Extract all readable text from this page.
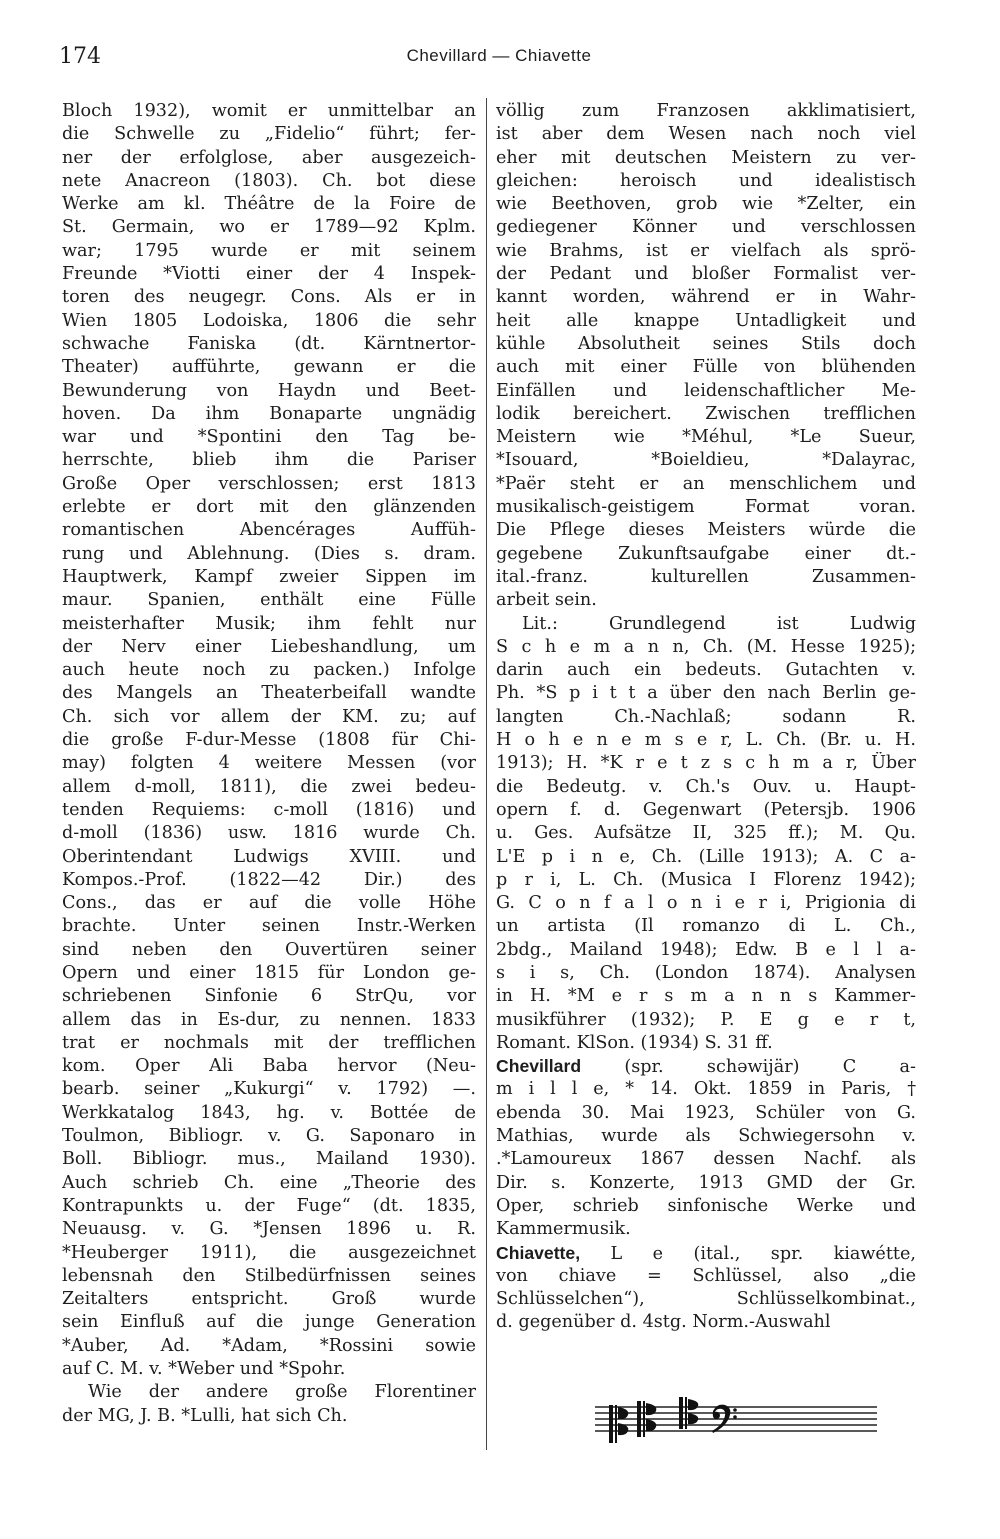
174	Chevillard — Chiavette
Bloch 1932), womit er unmittelbar an
die Schwelle zu „Fidelio“ führt; fer-
ner der erfolglose, aber ausgezeich-
nete Anacreon (1803). Ch. bot diese
Werke am kl. Théâtre de la Foire de
St. Germain, wo er 1789—92 Kplm.
war; 1795 wurde er mit seinem
Freunde *Viotti einer der 4 Inspek-
toren des neugegr. Cons. Als er in
Wien 1805 Lodoiska, 1806 die sehr
schwache Faniska (dt. Kärntnertor-
Theater) aufführte, gewann er die
Bewunderung von Haydn und Beet-
hoven. Da ihm Bonaparte ungnädig
war und *Spontini den Tag be-
herrschte, blieb ihm die Pariser
Große Oper verschlossen; erst 1813
erlebte er dort mit den glänzenden
romantischen Abencérages Auffüh-
rung und Ablehnung. (Dies s. dram.
Hauptwerk, Kampf zweier Sippen im
maur. Spanien, enthält eine Fülle
meisterhafter Musik; ihm fehlt nur
der Nerv einer Liebeshandlung, um
auch heute noch zu packen.) Infolge
des Mangels an Theaterbeifall wandte
Ch. sich vor allem der KM. zu; auf
die große F-dur-Messe (1808 für Chi-
may) folgten 4 weitere Messen (vor
allem d-moll, 1811), die zwei bedeu-
tenden Requiems: c-moll (1816) und
d-moll (1836) usw. 1816 wurde Ch.
Oberintendant Ludwigs XVIII. und
Kompos.-Prof. (1822—42 Dir.) des
Cons., das er auf die volle Höhe
brachte. Unter seinen Instr.-Werken
sind neben den Ouvertüren seiner
Opern und einer 1815 für London ge-
schriebenen Sinfonie 6 StrQu, vor
allem das in Es-dur, zu nennen. 1833
trat er nochmals mit der trefflichen
kom. Oper Ali Baba hervor (Neu-
bearb. seiner „Kukurgi“ v. 1792) —.
Werkkatalog 1843, hg. v. Bottée de
Toulmon, Bibliogr. v. G. Saponaro in
Boll. Bibliogr. mus., Mailand 1930).
Auch schrieb Ch. eine „Theorie des
Kontrapunkts u. der Fuge“ (dt. 1835,
Neuausg. v. G. *Jensen 1896 u. R.
*Heuberger 1911), die ausgezeichnet
lebensnah den Stilbedürfnissen seines
Zeitalters entspricht. Groß wurde
sein Einfluß auf die junge Generation
*Auber, Ad. *Adam, *Rossini sowie
auf C. M. v. *Weber und *Spohr.
Wie der andere große Florentiner
der MG, J. B. *Lulli, hat sich Ch.
völlig zum Franzosen akklimatisiert,
ist aber dem Wesen nach noch viel
eher mit deutschen Meistern zu ver-
gleichen: heroisch und idealistisch
wie Beethoven, grob wie *Zelter, ein
gediegener Könner und verschlossen
wie Brahms, ist er vielfach als sprö-
der Pedant und bloßer Formalist ver-
kannt worden, während er in Wahr-
heit alle knappe Untadligkeit und
kühle Absolutheit seines Stils doch
auch mit einer Fülle von blühenden
Einfällen und leidenschaftlicher Me-
lodik bereichert. Zwischen trefflichen
Meistern wie *Méhul, *Le Sueur,
*Isouard, *Boieldieu, *Dalayrac,
*Paër steht er an menschlichem und
musikalisch-geistigem Format voran.
Die Pflege dieses Meisters würde die
gegebene Zukunftsaufgabe einer dt.-
ital.-franz. kulturellen Zusammen-
arbeit sein.
Lit.: Grundlegend ist Ludwig
S c h e m a n n, Ch. (M. Hesse 1925);
darin auch ein bedeuts. Gutachten v.
Ph. *S p i t t a über den nach Berlin ge-
langten Ch.-Nachlaß; sodann R.
H o h e n e m s e r, L. Ch. (Br. u. H.
1913); H. *K r e t z s c h m a r, Über
die Bedeutg. v. Ch.'s Ouv. u. Haupt-
opern f. d. Gegenwart (Petersjb. 1906
u. Ges. Aufsätze II, 325 ff.); M. Qu.
L'E p i n e, Ch. (Lille 1913); A. C a-
p r i, L. Ch. (Musica I Florenz 1942);
G. C o n f a l o n i e r i, Prigionia di
un artista (Il romanzo di L. Ch.,
2bdg., Mailand 1948); Edw. B e l l a-
s i s, Ch. (London 1874). Analysen
in H. *M e r s m a n n s Kammer-
musikführer (1932); P. E g e r t,
Romant. KlSon. (1934) S. 31 ff.
Chevillard (spr. schəwijär) C a-
m i l l e, * 14. Okt. 1859 in Paris, †
ebenda 30. Mai 1923, Schüler von G.
Mathias, wurde als Schwiegersohn v.
.*Lamoureux 1867 dessen Nachf. als
Dir. s. Konzerte, 1913 GMD der Gr.
Oper, schrieb sinfonische Werke und
Kammermusik.
Chiavette, L e (ital., spr. kiawétte,
von chiave = Schlüssel, also „die
Schlüsselchen“), Schlüsselkombinat.,
d. gegenüber d. 4stg. Norm.-Auswahl
